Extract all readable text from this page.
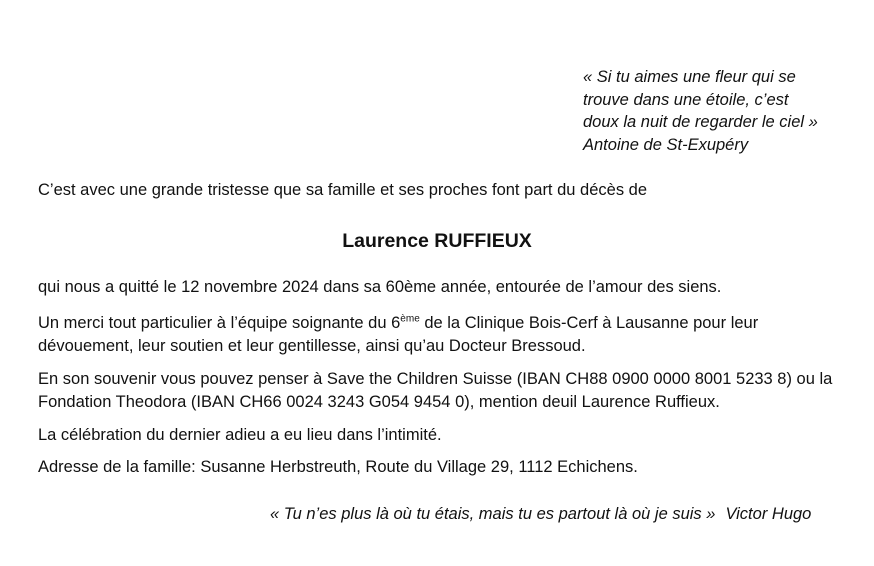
« Si tu aimes une fleur qui se
trouve dans une étoile, c’est
doux la nuit de regarder le ciel »
Antoine de St-Exupéry
C’est avec une grande tristesse que sa famille et ses proches font part du décès de
Laurence RUFFIEUX
qui nous a quitté le 12 novembre 2024 dans sa 60ème année, entourée de l’amour des siens.
Un merci tout particulier à l’équipe soignante du 6ème de la Clinique Bois-Cerf à Lausanne pour leur
dévouement, leur soutien et leur gentillesse, ainsi qu’au Docteur Bressoud.
En son souvenir vous pouvez penser à Save the Children Suisse (IBAN CH88 0900 0000 8001 5233 8) ou la
Fondation Theodora (IBAN CH66 0024 3243 G054 9454 0), mention deuil Laurence Ruffieux.
La célébration du dernier adieu a eu lieu dans l’intimité.
Adresse de la famille: Susanne Herbstreuth, Route du Village 29, 1112 Echichens.
« Tu n’es plus là où tu étais, mais tu es partout là où je suis » Victor Hugo
